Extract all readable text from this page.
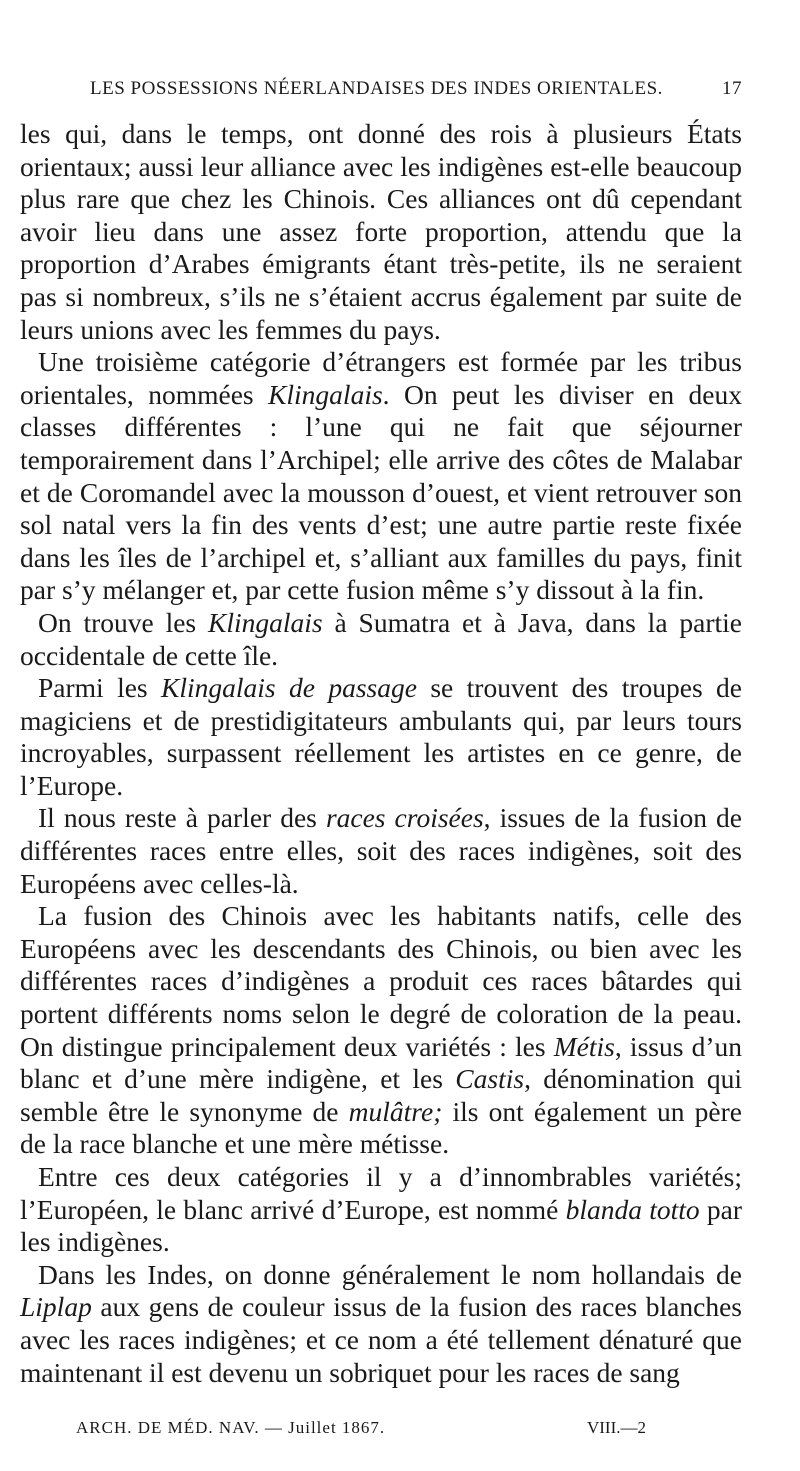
LES POSSESSIONS NÉERLANDAISES DES INDES ORIENTALES.	17

les qui, dans le temps, ont donné des rois à plusieurs États orientaux; aussi leur alliance avec les indigènes est-elle beaucoup plus rare que chez les Chinois. Ces alliances ont dû cependant avoir lieu dans une assez forte proportion, attendu que la proportion d’Arabes émigrants étant très-petite, ils ne seraient pas si nombreux, s’ils ne s’étaient accrus également par suite de leurs unions avec les femmes du pays.

Une troisième catégorie d’étrangers est formée par les tribus orientales, nommées Klingalais. On peut les diviser en deux classes différentes : l’une qui ne fait que séjourner temporairement dans l’Archipel; elle arrive des côtes de Malabar et de Coromandel avec la mousson d’ouest, et vient retrouver son sol natal vers la fin des vents d’est; une autre partie reste fixée dans les îles de l’archipel et, s’alliant aux familles du pays, finit par s’y mélanger et, par cette fusion même s’y dissout à la fin.

On trouve les Klingalais à Sumatra et à Java, dans la partie occidentale de cette île.

Parmi les Klingalais de passage se trouvent des troupes de magiciens et de prestidigitateurs ambulants qui, par leurs tours incroyables, surpassent réellement les artistes en ce genre, de l’Europe.

Il nous reste à parler des races croisées, issues de la fusion de différentes races entre elles, soit des races indigènes, soit des Européens avec celles-là.

La fusion des Chinois avec les habitants natifs, celle des Européens avec les descendants des Chinois, ou bien avec les différentes races d’indigènes a produit ces races bâtardes qui portent différents noms selon le degré de coloration de la peau. On distingue principalement deux variétés : les Métis, issus d’un blanc et d’une mère indigène, et les Castis, dénomination qui semble être le synonyme de mulâtre; ils ont également un père de la race blanche et une mère métisse.

Entre ces deux catégories il y a d’innombrables variétés; l’Européen, le blanc arrivé d’Europe, est nommé blanda totto par les indigènes.

Dans les Indes, on donne généralement le nom hollandais de Liplap aux gens de couleur issus de la fusion des races blanches avec les races indigènes; et ce nom a été tellement dénaturé que maintenant il est devenu un sobriquet pour les races de sang

ARCH. DE MÉD. NAV. — Juillet 1867.	VIII.—2
